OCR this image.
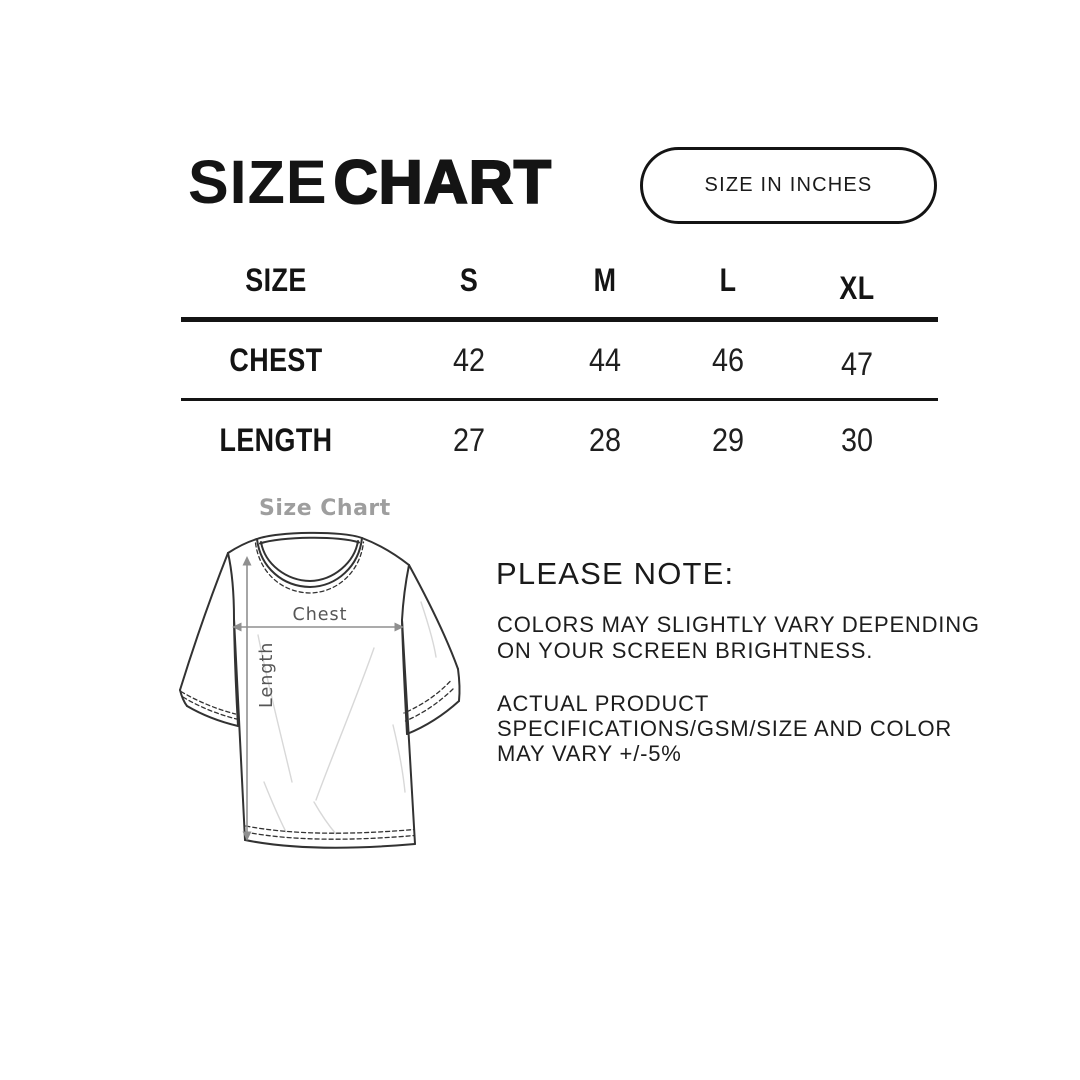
SIZECHART	SIZE IN INCHES
SIZE	S	M	L	XL
CHEST	42	44	46	47
LENGTH	27	28	29	30
Size Chart
Chest
Length
PLEASE NOTE:
COLORS MAY SLIGHTLY VARY DEPENDING
ON YOUR SCREEN BRIGHTNESS.
ACTUAL PRODUCT
SPECIFICATIONS/GSM/SIZE AND COLOR
MAY VARY +/-5%
